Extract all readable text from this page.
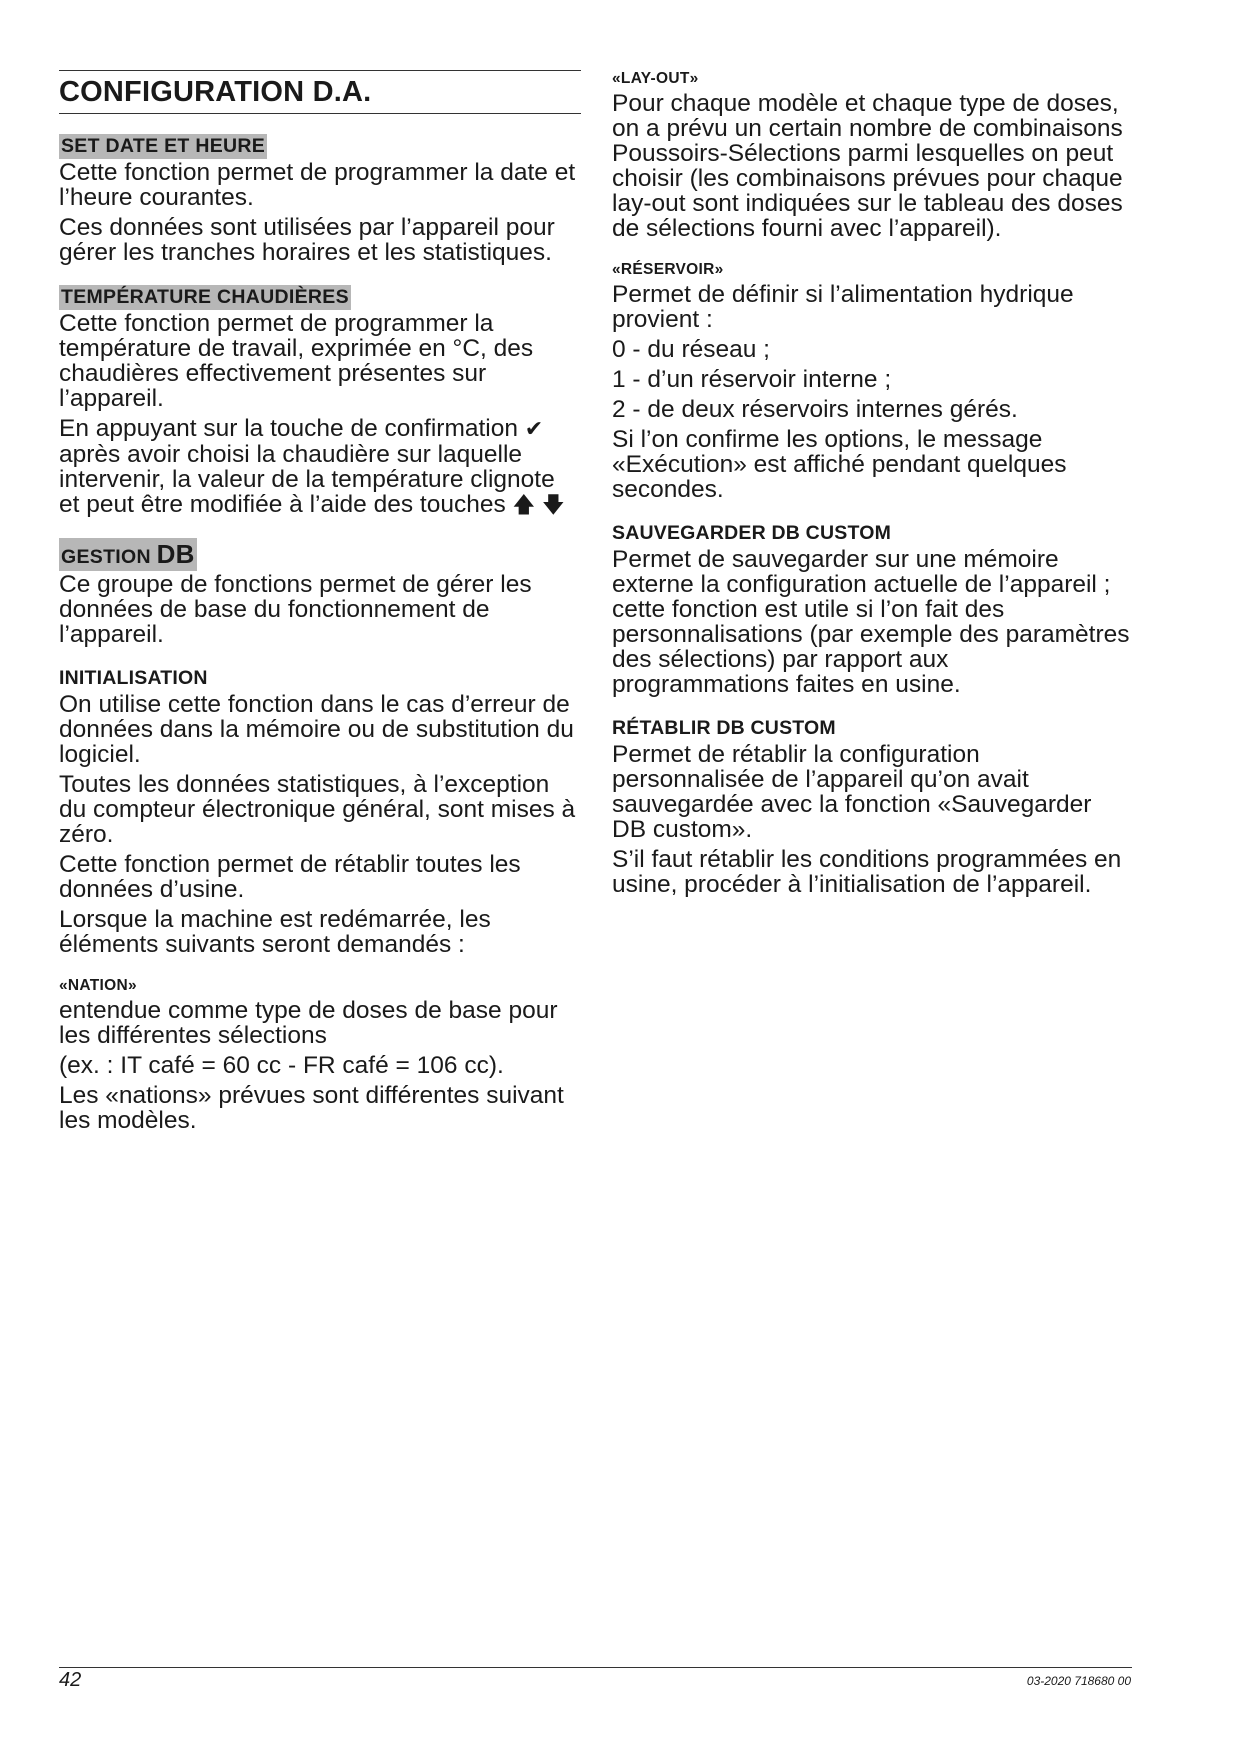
CONFIGURATION D.A.
SET DATE ET HEURE

Cette fonction permet de programmer la date et l’heure courantes.

Ces données sont utilisées par l’appareil pour gérer les tranches horaires et les statistiques.

TEMPÉRATURE CHAUDIÈRES

Cette fonction permet de programmer la température de travail, exprimée en °C, des chaudières effectivement présentes sur l’appareil.

En appuyant sur la touche de confirmation ✔ après avoir choisi la chaudière sur laquelle intervenir, la valeur de la température clignote et peut être modifiée à l’aide des touches 🡅 🡇

GESTION DB

Ce groupe de fonctions permet de gérer les données de base du fonctionnement de l’appareil.

INITIALISATION

On utilise cette fonction dans le cas d’erreur de données dans la mémoire ou de substitution du logiciel.

Toutes les données statistiques, à l’exception du compteur électronique général, sont mises à zéro.

Cette fonction permet de rétablir toutes les données d’usine.

Lorsque la machine est redémarrée, les éléments suivants seront demandés :

«NATION»

entendue comme type de doses de base pour les différentes sélections

(ex. : IT café = 60 cc - FR café = 106 cc).

Les «nations» prévues sont différentes suivant les modèles.

«LAY-OUT»

Pour chaque modèle et chaque type de doses, on a prévu un certain nombre de combinaisons Poussoirs-Sélections parmi lesquelles on peut choisir (les combinaisons prévues pour chaque lay-out sont indiquées sur le tableau des doses de sélections fourni avec l’appareil).

«RÉSERVOIR»

Permet de définir si l’alimentation hydrique provient :

0 - du réseau ;

1 - d’un réservoir interne ;

2 - de deux réservoirs internes gérés.

Si l’on confirme les options, le message «Exécution» est affiché pendant quelques secondes.

SAUVEGARDER DB CUSTOM

Permet de sauvegarder sur une mémoire externe la configuration actuelle de l’appareil ; cette fonction est utile si l’on fait des personnalisations (par exemple des paramètres des sélections) par rapport aux programmations faites en usine.

RÉTABLIR DB CUSTOM

Permet de rétablir la configuration personnalisée de l’appareil qu’on avait sauvegardée avec la fonction «Sauvegarder DB custom».

S’il faut rétablir les conditions programmées en usine, procéder à l’initialisation de l’appareil.

42	03-2020 718680 00
